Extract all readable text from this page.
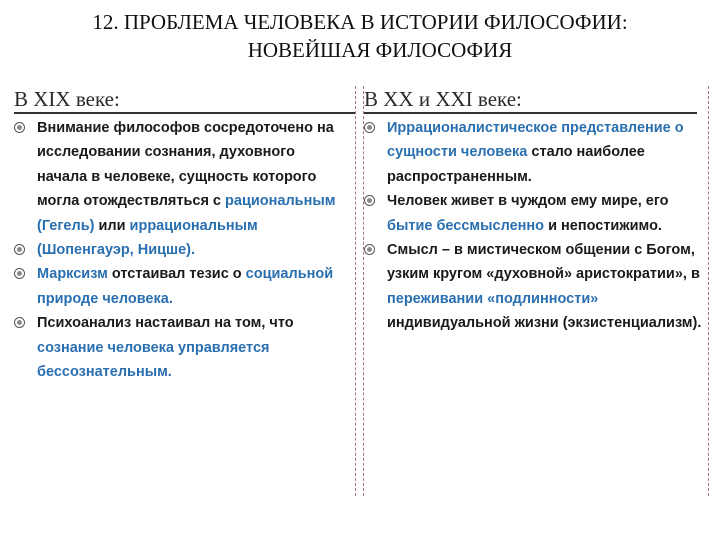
12. ПРОБЛЕМА ЧЕЛОВЕКА В ИСТОРИИ ФИЛОСОФИИ:
НОВЕЙШАЯ ФИЛОСОФИЯ
В XIX веке:
Внимание философов сосредоточено на исследовании сознания, духовного начала в человеке, сущность которого могла отождествляться с рациональным (Гегель) или иррациональным
(Шопенгауэр, Ницше).
Марксизм отстаивал тезис о социальной природе человека.
Психоанализ настаивал на том, что сознание человека управляется бессознательным.
В XX и XXI веке:
Иррационалистическое представление о сущности человека стало наиболее распространенным.
Человек живет в чуждом ему мире, его бытие бессмысленно и непостижимо.
Смысл – в мистическом общении с Богом, узким кругом «духовной» аристократии», в переживании «подлинности» индивидуальной жизни (экзистенциализм).
